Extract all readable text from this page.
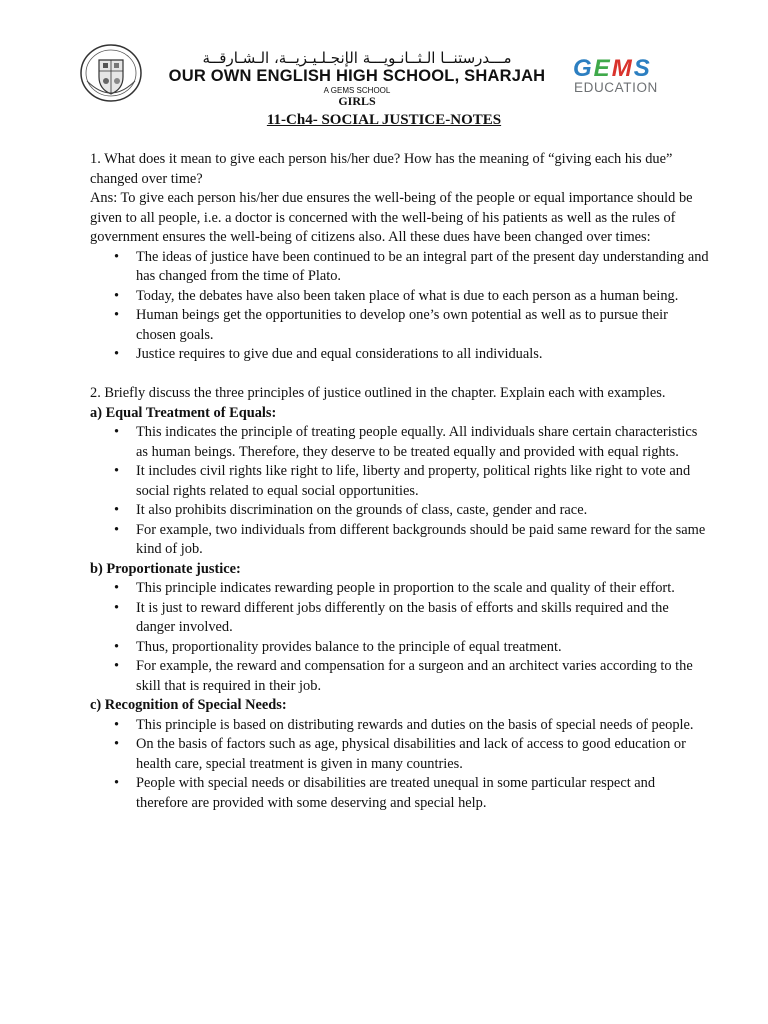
مـــدرستنــا الـثــانـويـــة الإنجـلـيـزيــة، الـشـارقــة
OUR OWN ENGLISH HIGH SCHOOL, SHARJAH
A GEMS SCHOOL
GIRLS
GEMS
EDUCATION
11-Ch4- SOCIAL JUSTICE-NOTES

1. What does it mean to give each person his/her due? How has the meaning of “giving each his due” changed over time?

Ans: To give each person his/her due ensures the well-being of the people or equal importance should be given to all people, i.e. a doctor is concerned with the well-being of his patients as well as the rules of government ensures the well-being of citizens also. All these dues have been changed over times:

• The ideas of justice have been continued to be an integral part of the present day understanding and has changed from the time of Plato.
• Today, the debates have also been taken place of what is due to each person as a human being.
• Human beings get the opportunities to develop one’s own potential as well as to pursue their chosen goals.
• Justice requires to give due and equal considerations to all individuals.

2. Briefly discuss the three principles of justice outlined in the chapter. Explain each with examples.

a) Equal Treatment of Equals:

• This indicates the principle of treating people equally. All individuals share certain characteristics as human beings. Therefore, they deserve to be treated equally and provided with equal rights.
• It includes civil rights like right to life, liberty and property, political rights like right to vote and social rights related to equal social opportunities.
• It also prohibits discrimination on the grounds of class, caste, gender and race.
• For example, two individuals from different backgrounds should be paid same reward for the same kind of job.

b) Proportionate justice:

• This principle indicates rewarding people in proportion to the scale and quality of their effort.
• It is just to reward different jobs differently on the basis of efforts and skills required and the danger involved.
• Thus, proportionality provides balance to the principle of equal treatment.
• For example, the reward and compensation for a surgeon and an architect varies according to the skill that is required in their job.

c) Recognition of Special Needs:

• This principle is based on distributing rewards and duties on the basis of special needs of people.
• On the basis of factors such as age, physical disabilities and lack of access to good education or health care, special treatment is given in many countries.
• People with special needs or disabilities are treated unequal in some particular respect and therefore are provided with some deserving and special help.
